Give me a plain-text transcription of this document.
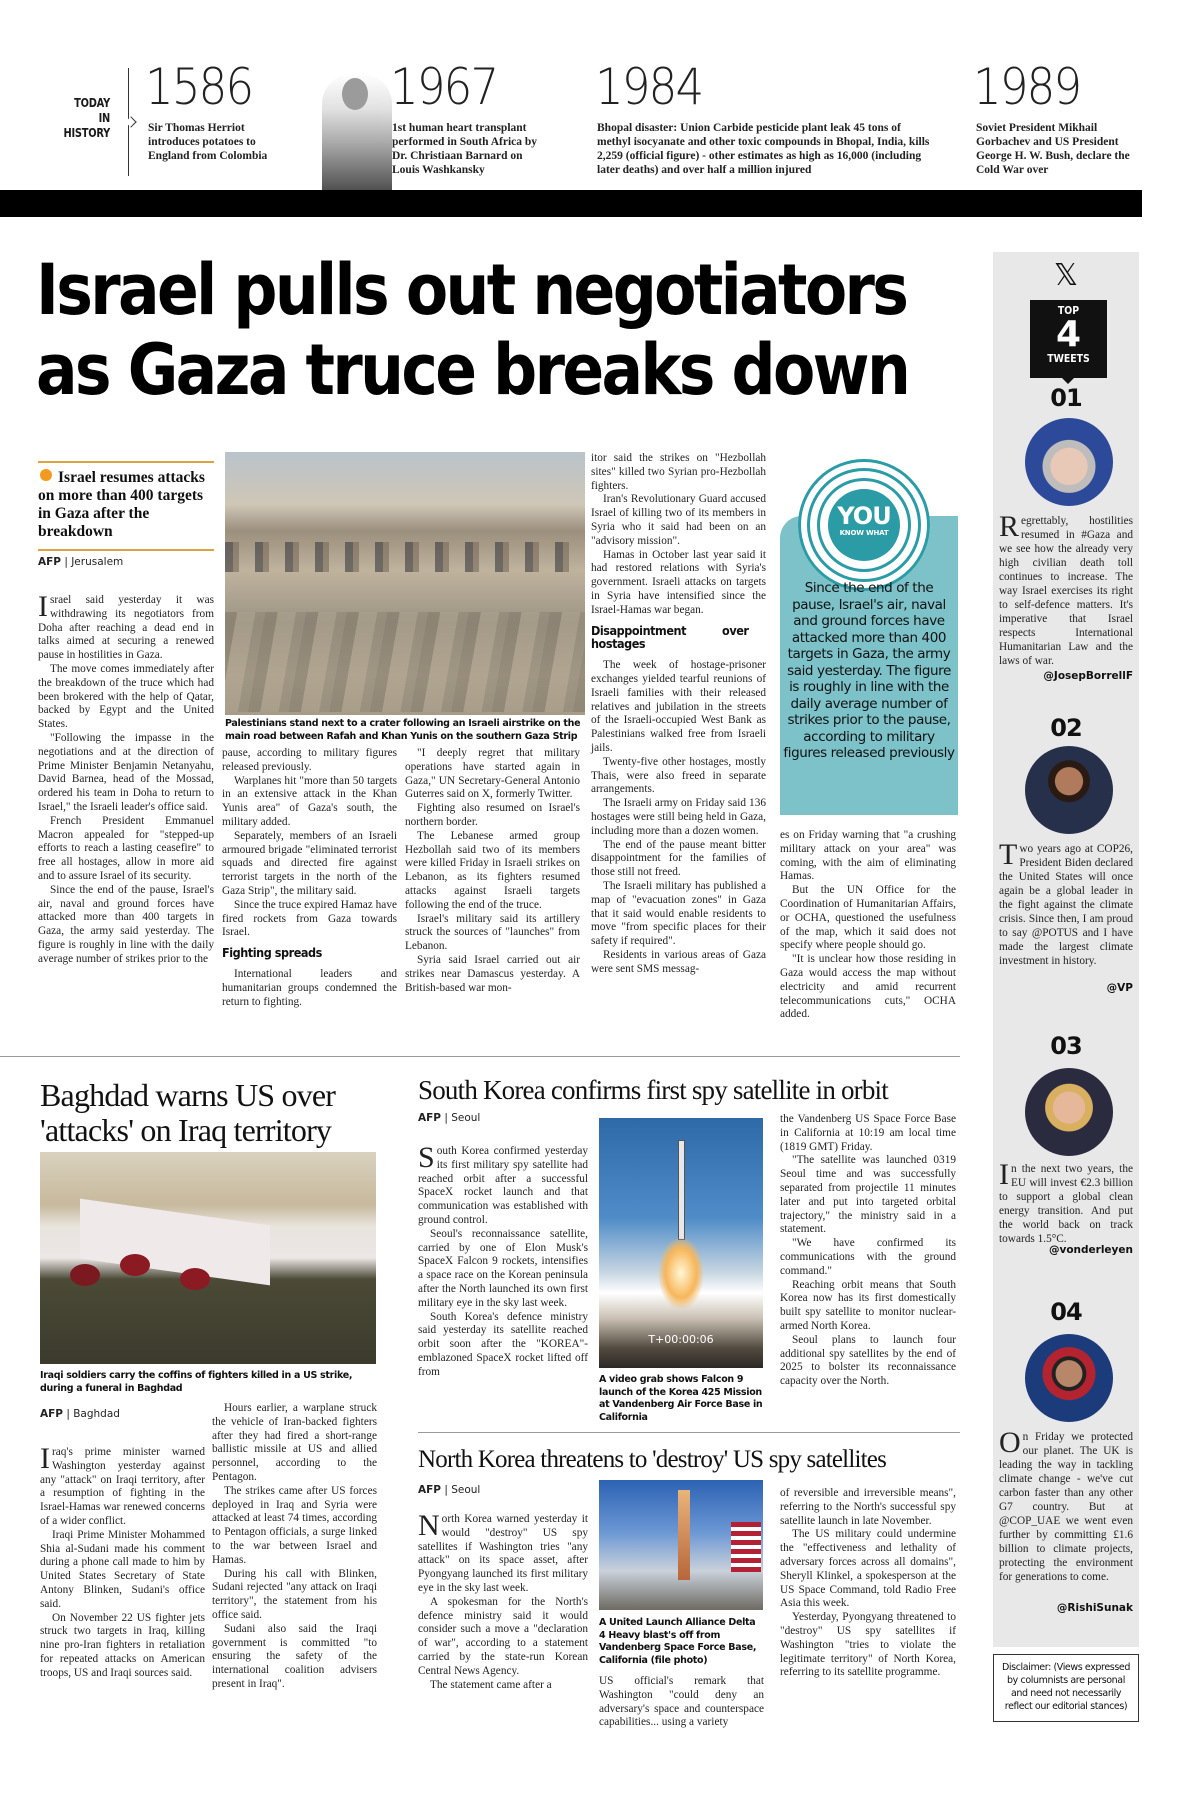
TODAY
IN
HISTORY
1586
Sir Thomas Herriot introduces potatoes to England from Colombia
1967
1st human heart transplant performed in South Africa by Dr. Christiaan Barnard on Louis Washkansky
1984
Bhopal disaster: Union Carbide pesticide plant leak 45 tons of methyl isocyanate and other toxic compounds in Bhopal, India, kills 2,259 (official figure) - other estimates as high as 16,000 (including later deaths) and over half a million injured
1989
Soviet President Mikhail Gorbachev and US President George H. W. Bush, declare the Cold War over
Israel pulls out negotiators
as Gaza truce breaks down
Israel resumes attacks on more than 400 targets in Gaza after the breakdown
AFP | Jerusalem
Palestinians stand next to a crater following an Israeli airstrike on the main road between Rafah and Khan Yunis on the southern Gaza Strip

Israel said yesterday it was withdrawing its negotiators from Doha after reaching a dead end in talks aimed at securing a renewed pause in hostilities in Gaza.

The move comes immediately after the breakdown of the truce which had been brokered with the help of Qatar, backed by Egypt and the United States.

"Following the impasse in the negotiations and at the direction of Prime Minister Benjamin Netanyahu, David Barnea, head of the Mossad, ordered his team in Doha to return to Israel," the Israeli leader's office said.

French President Emmanuel Macron appealed for "stepped-up efforts to reach a lasting ceasefire" to free all hostages, allow in more aid and to assure Israel of its security.

Since the end of the pause, Israel's air, naval and ground forces have attacked more than 400 targets in Gaza, the army said yesterday. The figure is roughly in line with the daily average number of strikes prior to the

pause, according to military figures released previously.

Warplanes hit "more than 50 targets in an extensive attack in the Khan Yunis area" of Gaza's south, the military added.

Separately, members of an Israeli armoured brigade "eliminated terrorist squads and directed fire against terrorist targets in the north of the Gaza Strip", the military said.

Since the truce expired Hamaz have fired rockets from Gaza towards Israel.

Fighting spreads

International leaders and humanitarian groups condemned the return to fighting.

"I deeply regret that military operations have started again in Gaza," UN Secretary-General Antonio Guterres said on X, formerly Twitter.

Fighting also resumed on Israel's northern border.

The Lebanese armed group Hezbollah said two of its members were killed Friday in Israeli strikes on Lebanon, as its fighters resumed attacks against Israeli targets following the end of the truce.

Israel's military said its artillery struck the sources of "launches" from Lebanon.

Syria said Israel carried out air strikes near Damascus yesterday. A British-based war mon-

itor said the strikes on "Hezbollah sites" killed two Syrian pro-Hezbollah fighters.

Iran's Revolutionary Guard accused Israel of killing two of its members in Syria who it said had been on an "advisory mission".

Hamas in October last year said it had restored relations with Syria's government. Israeli attacks on targets in Syria have intensified since the Israel-Hamas war began.

Disappointment over hostages

The week of hostage-prisoner exchanges yielded tearful reunions of Israeli families with their released relatives and jubilation in the streets of the Israeli-occupied West Bank as Palestinians walked free from Israeli jails.

Twenty-five other hostages, mostly Thais, were also freed in separate arrangements.

The Israeli army on Friday said 136 hostages were still being held in Gaza, including more than a dozen women.

The end of the pause meant bitter disappointment for the families of those still not freed.

The Israeli military has published a map of "evacuation zones" in Gaza that it said would enable residents to move "from specific places for their safety if required".

Residents in various areas of Gaza were sent SMS messag-

YOU
KNOW WHAT
Since the end of the pause, Israel's air, naval and ground forces have attacked more than 400 targets in Gaza, the army said yesterday. The figure is roughly in line with the daily average number of strikes prior to the pause, according to military figures released previously

es on Friday warning that "a crushing military attack on your area" was coming, with the aim of eliminating Hamas.

But the UN Office for the Coordination of Humanitarian Affairs, or OCHA, questioned the usefulness of the map, which it said does not specify where people should go.

"It is unclear how those residing in Gaza would access the map without electricity and amid recurrent telecommunications cuts," OCHA added.

Baghdad warns US over 'attacks' on Iraq territory
Iraqi soldiers carry the coffins of fighters killed in a US strike, during a funeral in Baghdad
AFP | Baghdad

Iraq's prime minister warned Washington yesterday against any "attack" on Iraqi territory, after a resumption of fighting in the Israel-Hamas war renewed concerns of a wider conflict.

Iraqi Prime Minister Mohammed Shia al-Sudani made his comment during a phone call made to him by United States Secretary of State Antony Blinken, Sudani's office said.

On November 22 US fighter jets struck two targets in Iraq, killing nine pro-Iran fighters in retaliation for repeated attacks on American troops, US and Iraqi sources said.

Hours earlier, a warplane struck the vehicle of Iran-backed fighters after they had fired a short-range ballistic missile at US and allied personnel, according to the Pentagon.

The strikes came after US forces deployed in Iraq and Syria were attacked at least 74 times, according to Pentagon officials, a surge linked to the war between Israel and Hamas.

During his call with Blinken, Sudani rejected "any attack on Iraqi territory", the statement from his office said.

Sudani also said the Iraqi government is committed "to ensuring the safety of the international coalition advisers present in Iraq".

South Korea confirms first spy satellite in orbit
AFP | Seoul

South Korea confirmed yesterday its first military spy satellite had reached orbit after a successful SpaceX rocket launch and that communication was established with ground control.

Seoul's reconnaissance satellite, carried by one of Elon Musk's SpaceX Falcon 9 rockets, intensifies a space race on the Korean peninsula after the North launched its own first military eye in the sky last week.

South Korea's defence ministry said yesterday its satellite reached orbit soon after the "KOREA"-emblazoned SpaceX rocket lifted off from

T+00:00:06
A video grab shows Falcon 9 launch of the Korea 425 Mission at Vandenberg Air Force Base in California

the Vandenberg US Space Force Base in California at 10:19 am local time (1819 GMT) Friday.

"The satellite was launched 0319 Seoul time and was successfully separated from projectile 11 minutes later and put into targeted orbital trajectory," the ministry said in a statement.

"We have confirmed its communications with the ground command."

Reaching orbit means that South Korea now has its first domestically built spy satellite to monitor nuclear-armed North Korea.

Seoul plans to launch four additional spy satellites by the end of 2025 to bolster its reconnaissance capacity over the North.

North Korea threatens to 'destroy' US spy satellites
AFP | Seoul

North Korea warned yesterday it would "destroy" US spy satellites if Washington tries "any attack" on its space asset, after Pyongyang launched its first military eye in the sky last week.

A spokesman for the North's defence ministry said it would consider such a move a "declaration of war", according to a statement carried by the state-run Korean Central News Agency.

The statement came after a

A United Launch Alliance Delta 4 Heavy blast's off from Vandenberg Space Force Base, California (file photo)

US official's remark that Washington "could deny an adversary's space and counterspace capabilities... using a variety

of reversible and irreversible means", referring to the North's successful spy satellite launch in late November.

The US military could undermine the "effectiveness and lethality of adversary forces across all domains", Sheryll Klinkel, a spokesperson at the US Space Command, told Radio Free Asia this week.

Yesterday, Pyongyang threatened to "destroy" US spy satellites if Washington "tries to violate the legitimate territory" of North Korea, referring to its satellite programme.

𝕏
TOP
4
TWEETS
01
Regrettably, hostilities resumed in #Gaza and we see how the already very high civilian death toll continues to increase. The way Israel exercises its right to self-defence matters. It's imperative that Israel respects International Humanitarian Law and the laws of war.
@JosepBorrellF
02
Two years ago at COP26, President Biden declared the United States will once again be a global leader in the fight against the climate crisis. Since then, I am proud to say @POTUS and I have made the largest climate investment in history.
@VP
03
In the next two years, the EU will invest €2.3 billion to support a global clean energy transition. And put the world back on track towards 1.5°C.
@vonderleyen
04
On Friday we protected our planet. The UK is leading the way in tackling climate change - we've cut carbon faster than any other G7 country. But at @COP_UAE we went even further by committing £1.6 billion to climate projects, protecting the environment for generations to come.
@RishiSunak
Disclaimer: (Views expressed by columnists are personal and need not necessarily reflect our editorial stances)
